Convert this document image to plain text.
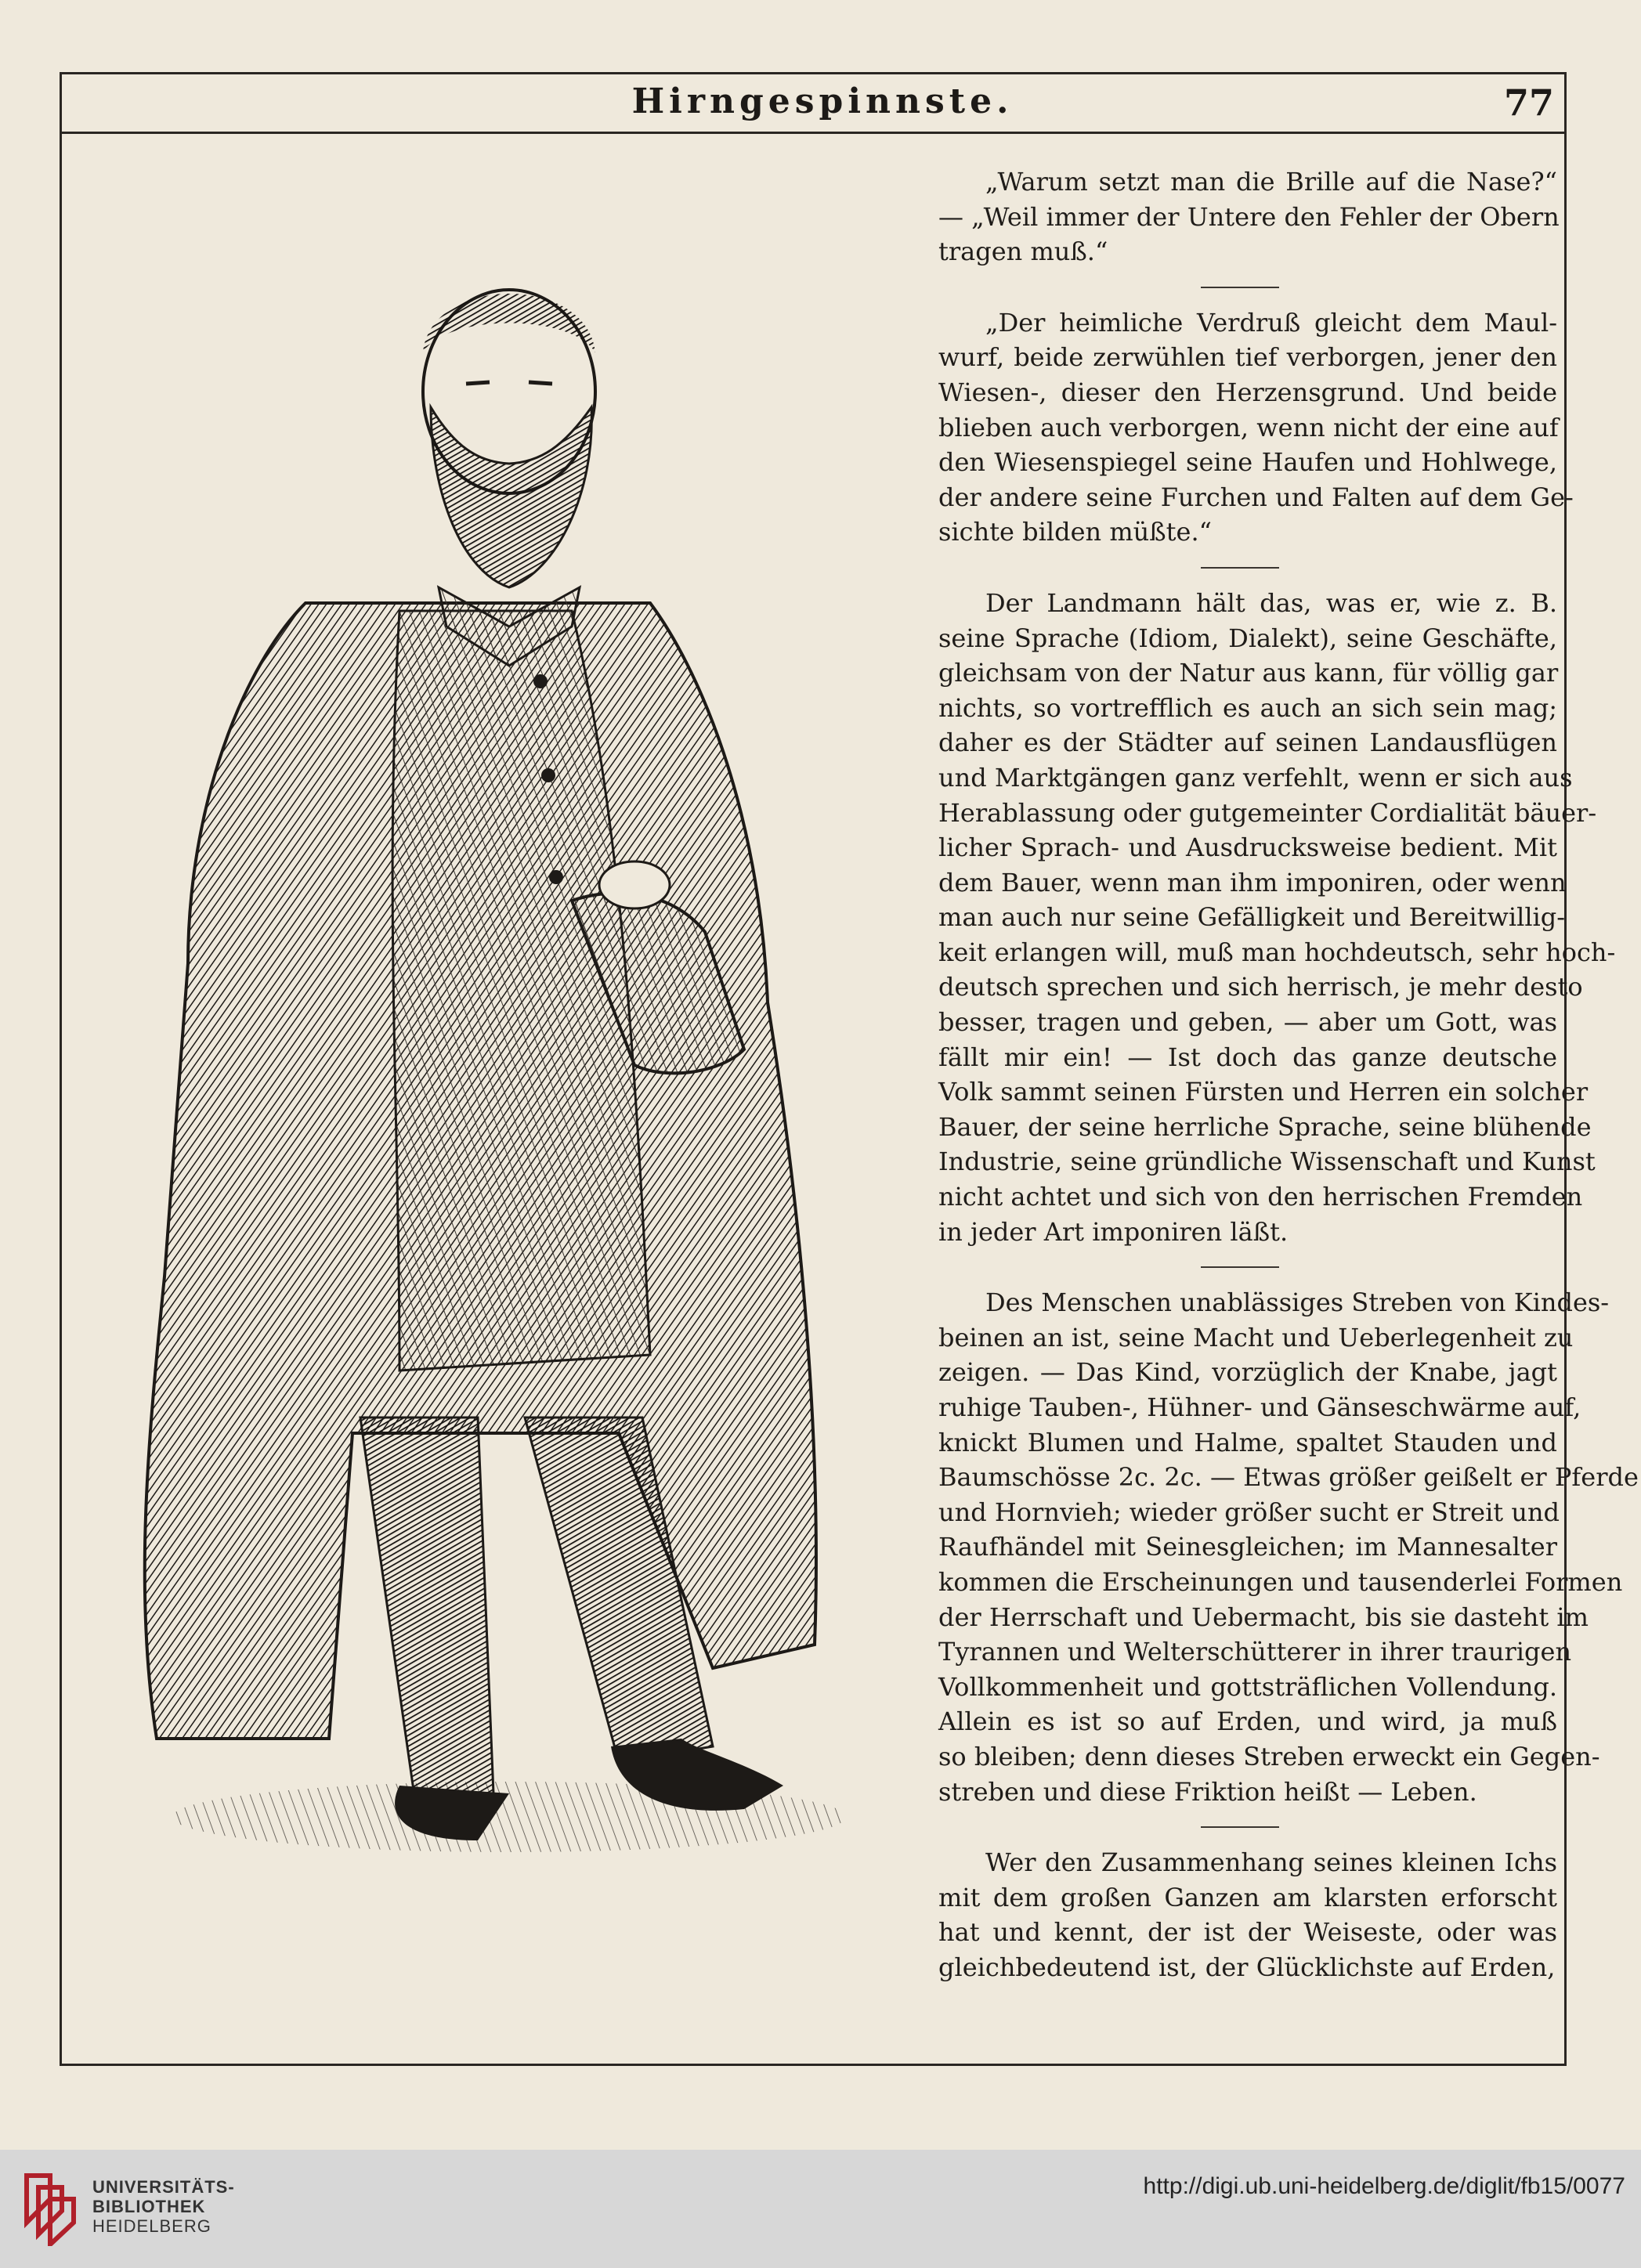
Hirngespinnste.	77
„Warum setzt man die Brille auf die Nase?“
— „Weil immer der Untere den Fehler der Obern
tragen muß.“
„Der heimliche Verdruß gleicht dem Maul-
wurf, beide zerwühlen tief verborgen, jener den
Wiesen-, dieser den Herzensgrund. Und beide
blieben auch verborgen, wenn nicht der eine auf
den Wiesenspiegel seine Haufen und Hohlwege,
der andere seine Furchen und Falten auf dem Ge-
sichte bilden müßte.“
Der Landmann hält das, was er, wie z. B.
seine Sprache (Idiom, Dialekt), seine Geschäfte,
gleichsam von der Natur aus kann, für völlig gar
nichts, so vortrefflich es auch an sich sein mag;
daher es der Städter auf seinen Landausflügen
und Marktgängen ganz verfehlt, wenn er sich aus
Herablassung oder gutgemeinter Cordialität bäuer-
licher Sprach- und Ausdrucksweise bedient. Mit
dem Bauer, wenn man ihm imponiren, oder wenn
man auch nur seine Gefälligkeit und Bereitwillig-
keit erlangen will, muß man hochdeutsch, sehr hoch-
deutsch sprechen und sich herrisch, je mehr desto
besser, tragen und geben, — aber um Gott, was
fällt mir ein! — Ist doch das ganze deutsche
Volk sammt seinen Fürsten und Herren ein solcher
Bauer, der seine herrliche Sprache, seine blühende
Industrie, seine gründliche Wissenschaft und Kunst
nicht achtet und sich von den herrischen Fremden
in jeder Art imponiren läßt.
Des Menschen unablässiges Streben von Kindes-
beinen an ist, seine Macht und Ueberlegenheit zu
zeigen. — Das Kind, vorzüglich der Knabe, jagt
ruhige Tauben-, Hühner- und Gänseschwärme auf,
knickt Blumen und Halme, spaltet Stauden und
Baumschösse 2c. 2c. — Etwas größer geißelt er Pferde
und Hornvieh; wieder größer sucht er Streit und
Raufhändel mit Seinesgleichen; im Mannesalter
kommen die Erscheinungen und tausenderlei Formen
der Herrschaft und Uebermacht, bis sie dasteht im
Tyrannen und Welterschütterer in ihrer traurigen
Vollkommenheit und gottsträflichen Vollendung.
Allein es ist so auf Erden, und wird, ja muß
so bleiben; denn dieses Streben erweckt ein Gegen-
streben und diese Friktion heißt — Leben.
Wer den Zusammenhang seines kleinen Ichs
mit dem großen Ganzen am klarsten erforscht
hat und kennt, der ist der Weiseste, oder was
gleichbedeutend ist, der Glücklichste auf Erden,
UNIVERSITÄTS-
BIBLIOTHEK
HEIDELBERG
http://digi.ub.uni-heidelberg.de/diglit/fb15/0077
